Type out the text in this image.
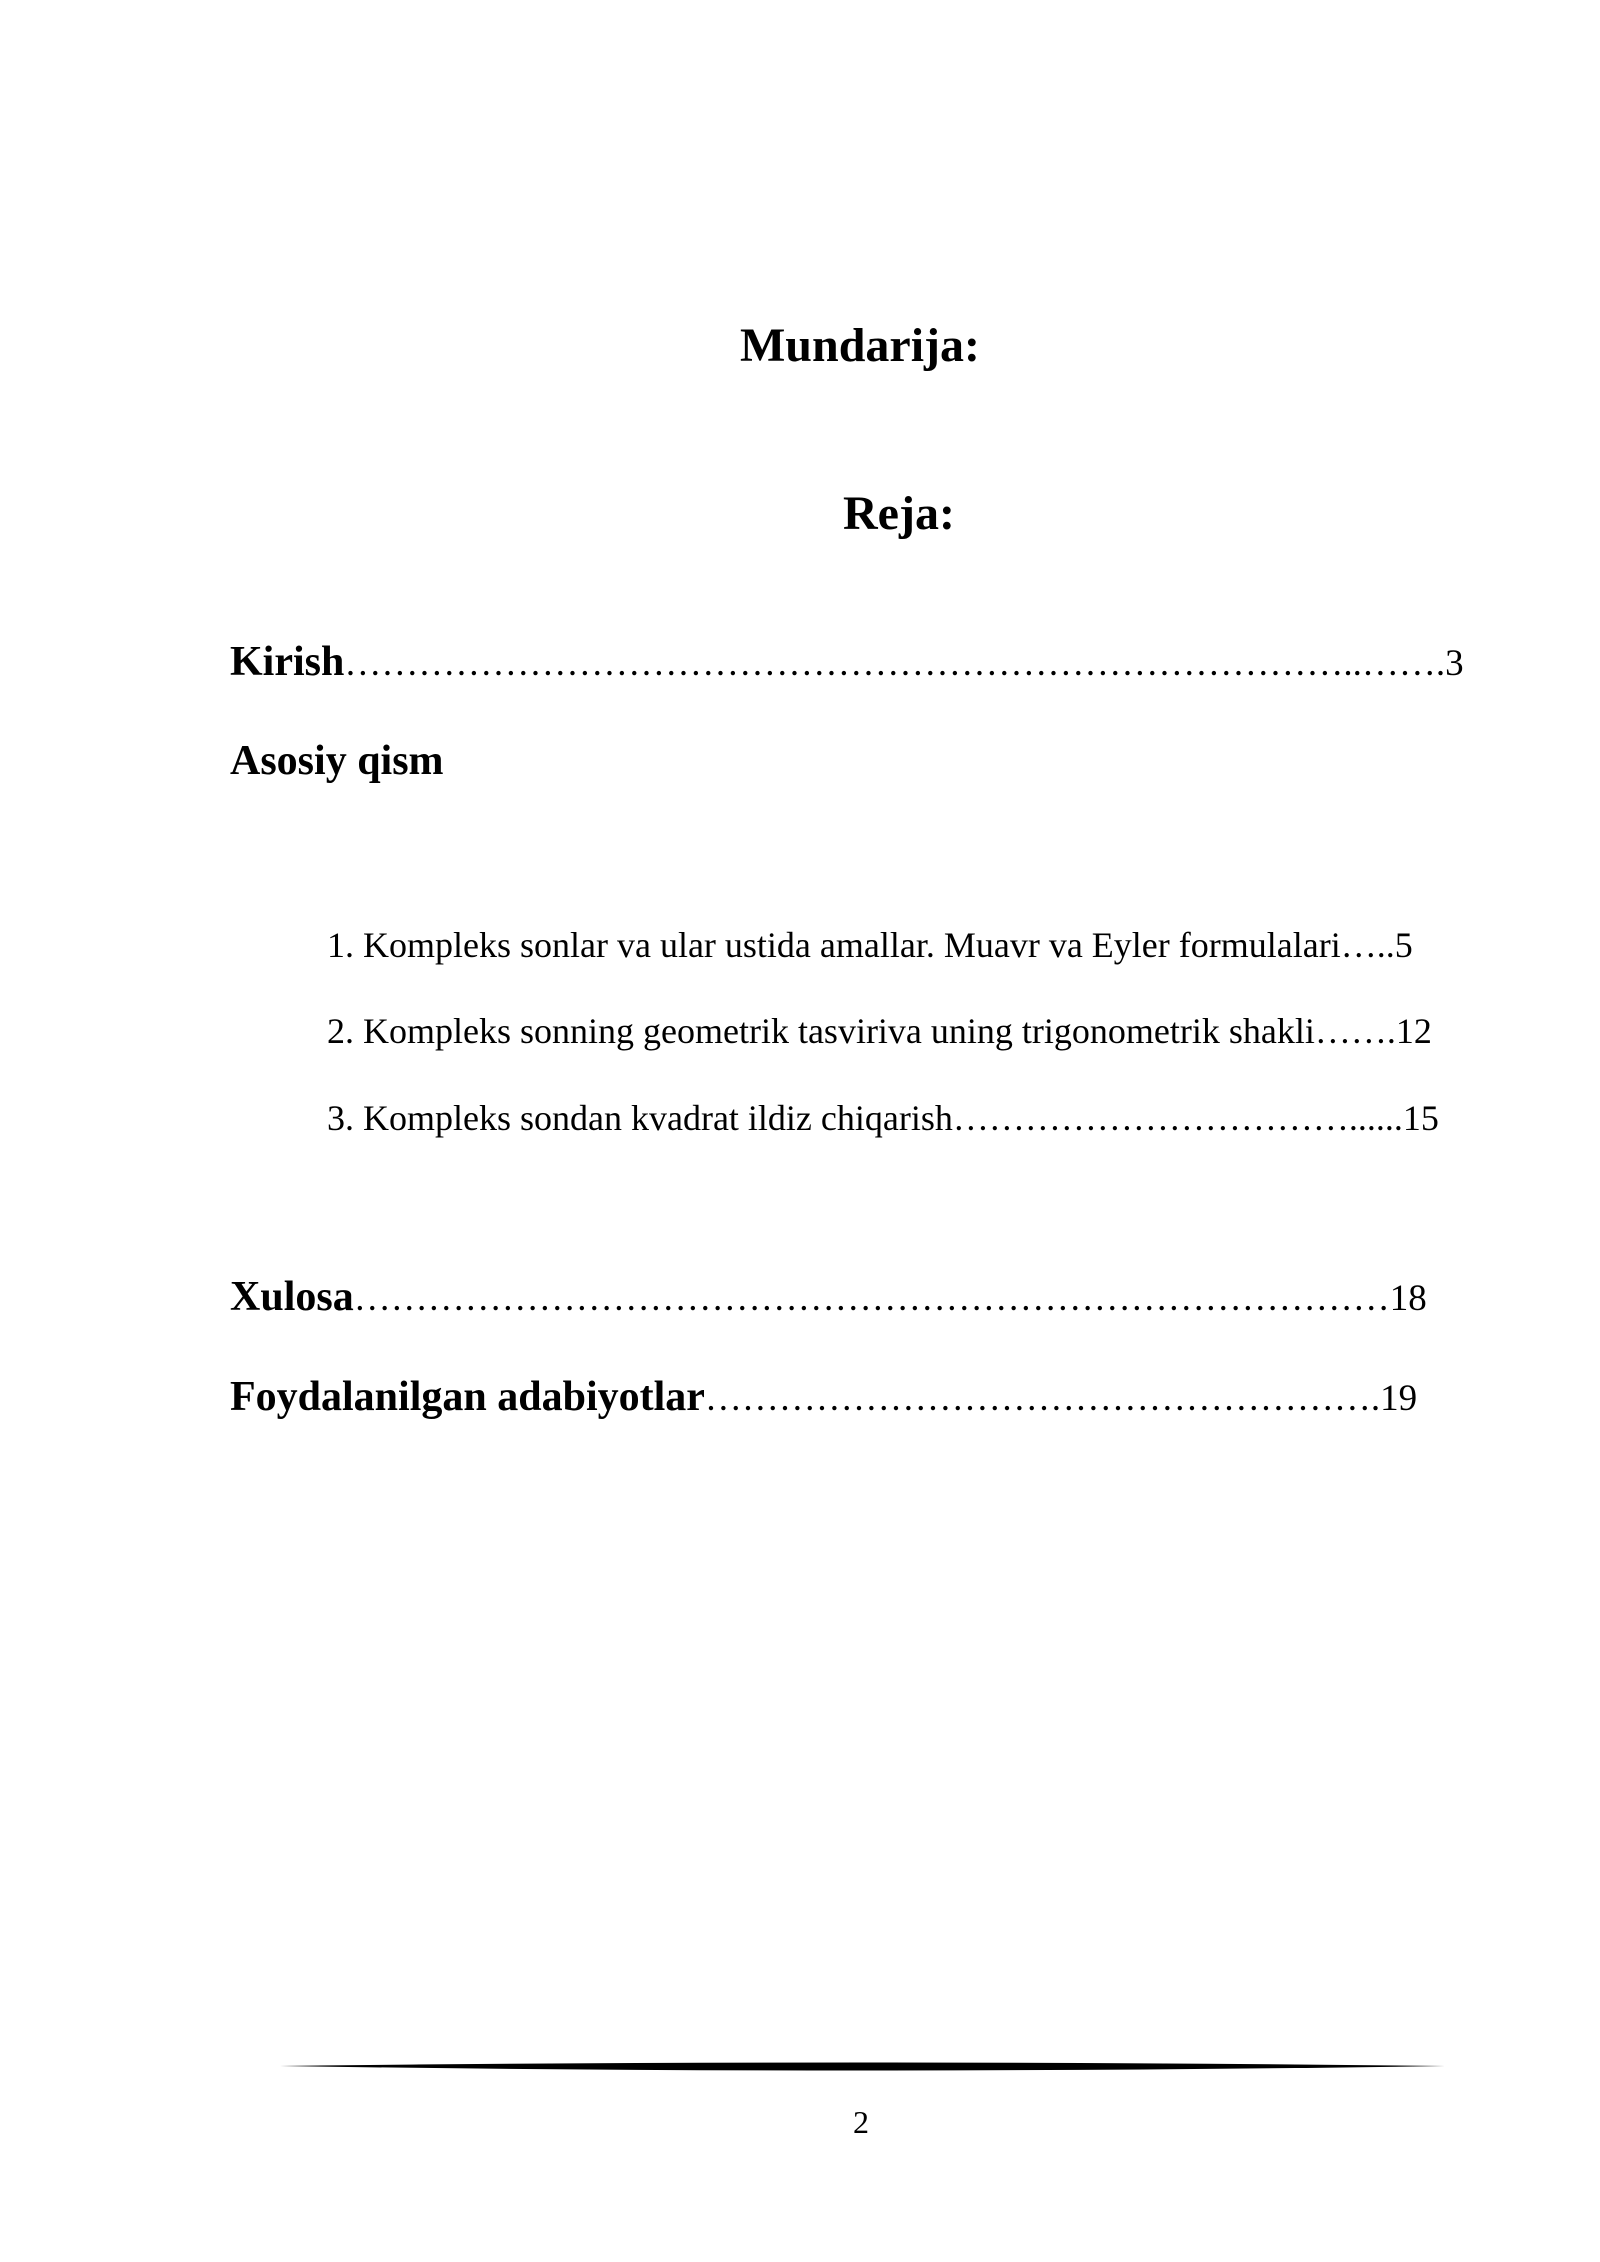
Mundarija:
Reja:
Kirish………………………………………………………………………..…….3
Asosiy qism
1. Kompleks sonlar va ular ustida amallar. Muavr va Eyler formulalari…..5
2. Kompleks sonning geometrik tasviriva uning trigonometrik shakli…….12
3. Kompleks sondan kvadrat ildiz chiqarish……………………………......15
Xulosa…………………………………………………………………………18
Foydalanilgan adabiyotlar……………………………………………….19
2
